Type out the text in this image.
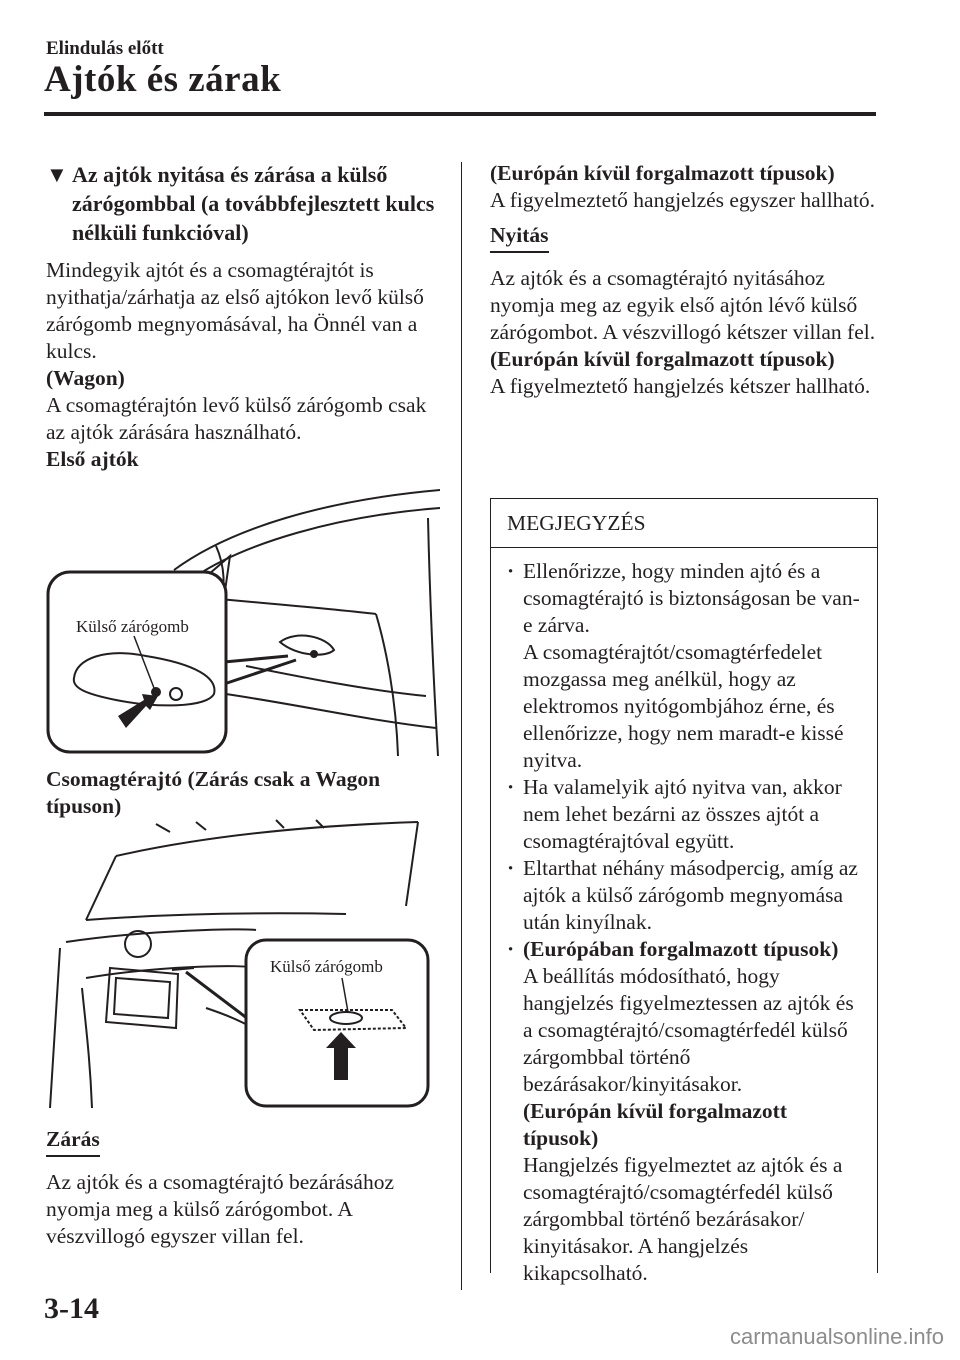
Elindulás előtt
Ajtók és zárak
▼ Az ajtók nyitása és zárása a külső zárógombbal (a továbbfejlesztett kulcs nélküli funkcióval)

Mindegyik ajtót és a csomagtérajtót is nyithatja/zárhatja az első ajtókon levő külső zárógomb megnyomásával, ha Önnél van a kulcs.

(Wagon)

A csomagtérajtón levő külső zárógomb csak az ajtók zárására használható.

Első ajtók

Külső zárógomb

Csomagtérajtó (Zárás csak a Wagon típuson)

Külső zárógomb
Zárás

Az ajtók és a csomagtérajtó bezárásához nyomja meg a külső zárógombot. A vészvillogó egyszer villan fel.

(Európán kívül forgalmazott típusok)

A figyelmeztető hangjelzés egyszer hallható.

Nyitás

Az ajtók és a csomagtérajtó nyitásához nyomja meg az egyik első ajtón lévő külső zárógombot. A vészvillogó kétszer villan fel.

(Európán kívül forgalmazott típusok)

A figyelmeztető hangjelzés kétszer hallható.

MEGJEGYZÉS

· Ellenőrizze, hogy minden ajtó és a csomagtérajtó is biztonságosan be van-e zárva.

A csomagtérajtót/csomagtérfedelet mozgassa meg anélkül, hogy az elektromos nyitógombjához érne, és ellenőrizze, hogy nem maradt-e kissé nyitva.

· Ha valamelyik ajtó nyitva van, akkor nem lehet bezárni az összes ajtót a csomagtérajtóval együtt.

· Eltarthat néhány másodpercig, amíg az ajtók a külső zárógomb megnyomása után kinyílnak.

· (Európában forgalmazott típusok)

A beállítás módosítható, hogy hangjelzés figyelmeztessen az ajtók és a csomagtérajtó/csomagtérfedél külső zárgombbal történő bezárásakor/kinyitásakor.

(Európán kívül forgalmazott típusok)

Hangjelzés figyelmeztet az ajtók és a csomagtérajtó/csomagtérfedél külső zárgombbal történő bezárásakor/ kinyitásakor. A hangjelzés kikapcsolható.

3-14
carmanualsonline.info
